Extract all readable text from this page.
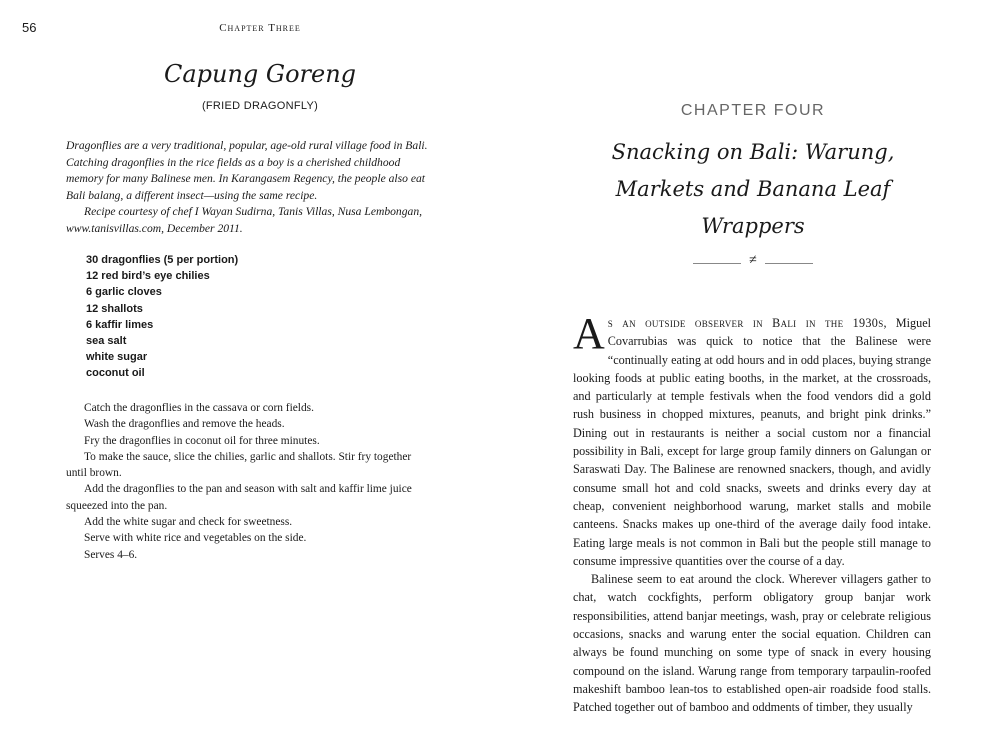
56	Chapter Three
Capung Goreng
(FRIED DRAGONFLY)

Dragonflies are a very traditional, popular, age-old rural village food in Bali. Catching dragonflies in the rice fields as a boy is a cherished childhood memory for many Balinese men. In Karangasem Regency, the people also eat Bali balang, a different insect—using the same recipe.

Recipe courtesy of chef I Wayan Sudirna, Tanis Villas, Nusa Lembongan, www.tanisvillas.com, December 2011.

30 dragonflies (5 per portion)
12 red bird’s eye chilies
6 garlic cloves
12 shallots
6 kaffir limes
sea salt
white sugar
coconut oil

Catch the dragonflies in the cassava or corn fields.

Wash the dragonflies and remove the heads.

Fry the dragonflies in coconut oil for three minutes.

To make the sauce, slice the chilies, garlic and shallots. Stir fry together until brown.

Add the dragonflies to the pan and season with salt and kaffir lime juice squeezed into the pan.

Add the white sugar and check for sweetness.

Serve with white rice and vegetables on the side.

Serves 4–6.

CHAPTER FOUR
Snacking on Bali: Warung, Markets and Banana Leaf Wrappers
≠

As an outside observer in Bali in the 1930s, Miguel Covarrubias was quick to notice that the Balinese were “continually eating at odd hours and in odd places, buying strange looking foods at public eating booths, in the market, at the crossroads, and particularly at temple festivals when the food vendors did a gold rush business in chopped mixtures, peanuts, and bright pink drinks.” Dining out in restaurants is neither a social custom nor a financial possibility in Bali, except for large group family dinners on Galungan or Saraswati Day. The Balinese are renowned snackers, though, and avidly consume small hot and cold snacks, sweets and drinks every day at cheap, convenient neighborhood warung, market stalls and mobile canteens. Snacks makes up one-third of the average daily food intake. Eating large meals is not common in Bali but the people still manage to consume impressive quantities over the course of a day.

Balinese seem to eat around the clock. Wherever villagers gather to chat, watch cockfights, perform obligatory group banjar work responsibilities, attend banjar meetings, wash, pray or celebrate religious occasions, snacks and warung enter the social equation. Children can always be found munching on some type of snack in every housing compound on the island. Warung range from temporary tarpaulin-roofed makeshift bamboo lean-tos to established open-air roadside food stalls. Patched together out of bamboo and oddments of timber, they usually
